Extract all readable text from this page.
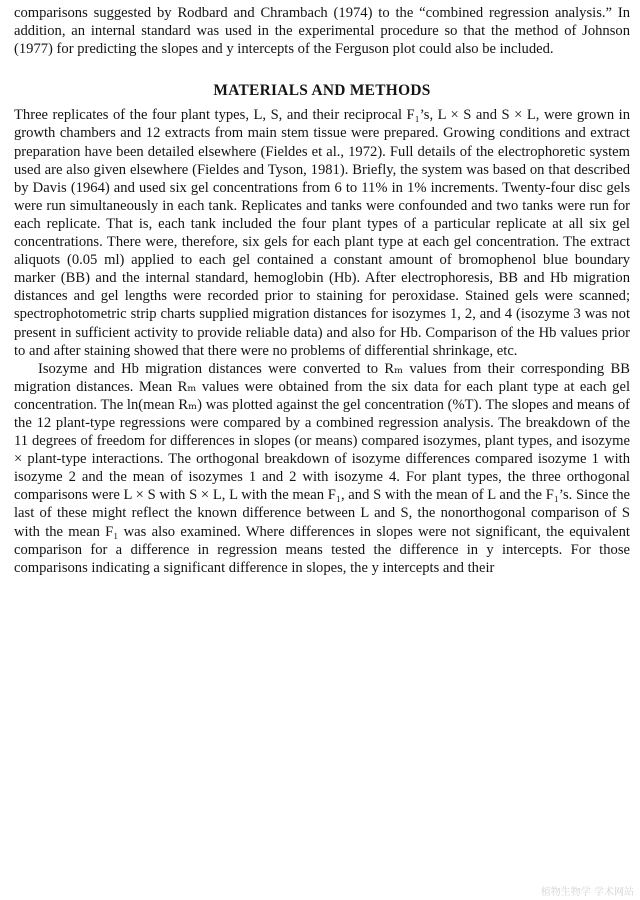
comparisons suggested by Rodbard and Chrambach (1974) to the “combined regression analysis.” In addition, an internal standard was used in the experimental procedure so that the method of Johnson (1977) for predicting the slopes and y intercepts of the Ferguson plot could also be included.

MATERIALS AND METHODS

Three replicates of the four plant types, L, S, and their reciprocal F₁’s, L × S and S × L, were grown in growth chambers and 12 extracts from main stem tissue were prepared. Growing conditions and extract preparation have been detailed elsewhere (Fieldes et al., 1972). Full details of the electrophoretic system used are also given elsewhere (Fieldes and Tyson, 1981). Briefly, the system was based on that described by Davis (1964) and used six gel concentrations from 6 to 11% in 1% increments. Twenty-four disc gels were run simultaneously in each tank. Replicates and tanks were confounded and two tanks were run for each replicate. That is, each tank included the four plant types of a particular replicate at all six gel concentrations. There were, therefore, six gels for each plant type at each gel concentration. The extract aliquots (0.05 ml) applied to each gel contained a constant amount of bromophenol blue boundary marker (BB) and the internal standard, hemoglobin (Hb). After electrophoresis, BB and Hb migration distances and gel lengths were recorded prior to staining for peroxidase. Stained gels were scanned; spectrophotometric strip charts supplied migration distances for isozymes 1, 2, and 4 (isozyme 3 was not present in sufficient activity to provide reliable data) and also for Hb. Comparison of the Hb values prior to and after staining showed that there were no problems of differential shrinkage, etc.

Isozyme and Hb migration distances were converted to Rₘ values from their corresponding BB migration distances. Mean Rₘ values were obtained from the six data for each plant type at each gel concentration. The ln(mean Rₘ) was plotted against the gel concentration (%T). The slopes and means of the 12 plant-type regressions were compared by a combined regression analysis. The breakdown of the 11 degrees of freedom for differences in slopes (or means) compared isozymes, plant types, and isozyme × plant-type interactions. The orthogonal breakdown of isozyme differences compared isozyme 1 with isozyme 2 and the mean of isozymes 1 and 2 with isozyme 4. For plant types, the three orthogonal comparisons were L × S with S × L, L with the mean F₁, and S with the mean of L and the F₁’s. Since the last of these might reflect the known difference between L and S, the nonorthogonal comparison of S with the mean F₁ was also examined. Where differences in slopes were not significant, the equivalent comparison for a difference in regression means tested the difference in y intercepts. For those comparisons indicating a significant difference in slopes, the y intercepts and their

植物生物学 学术网站
